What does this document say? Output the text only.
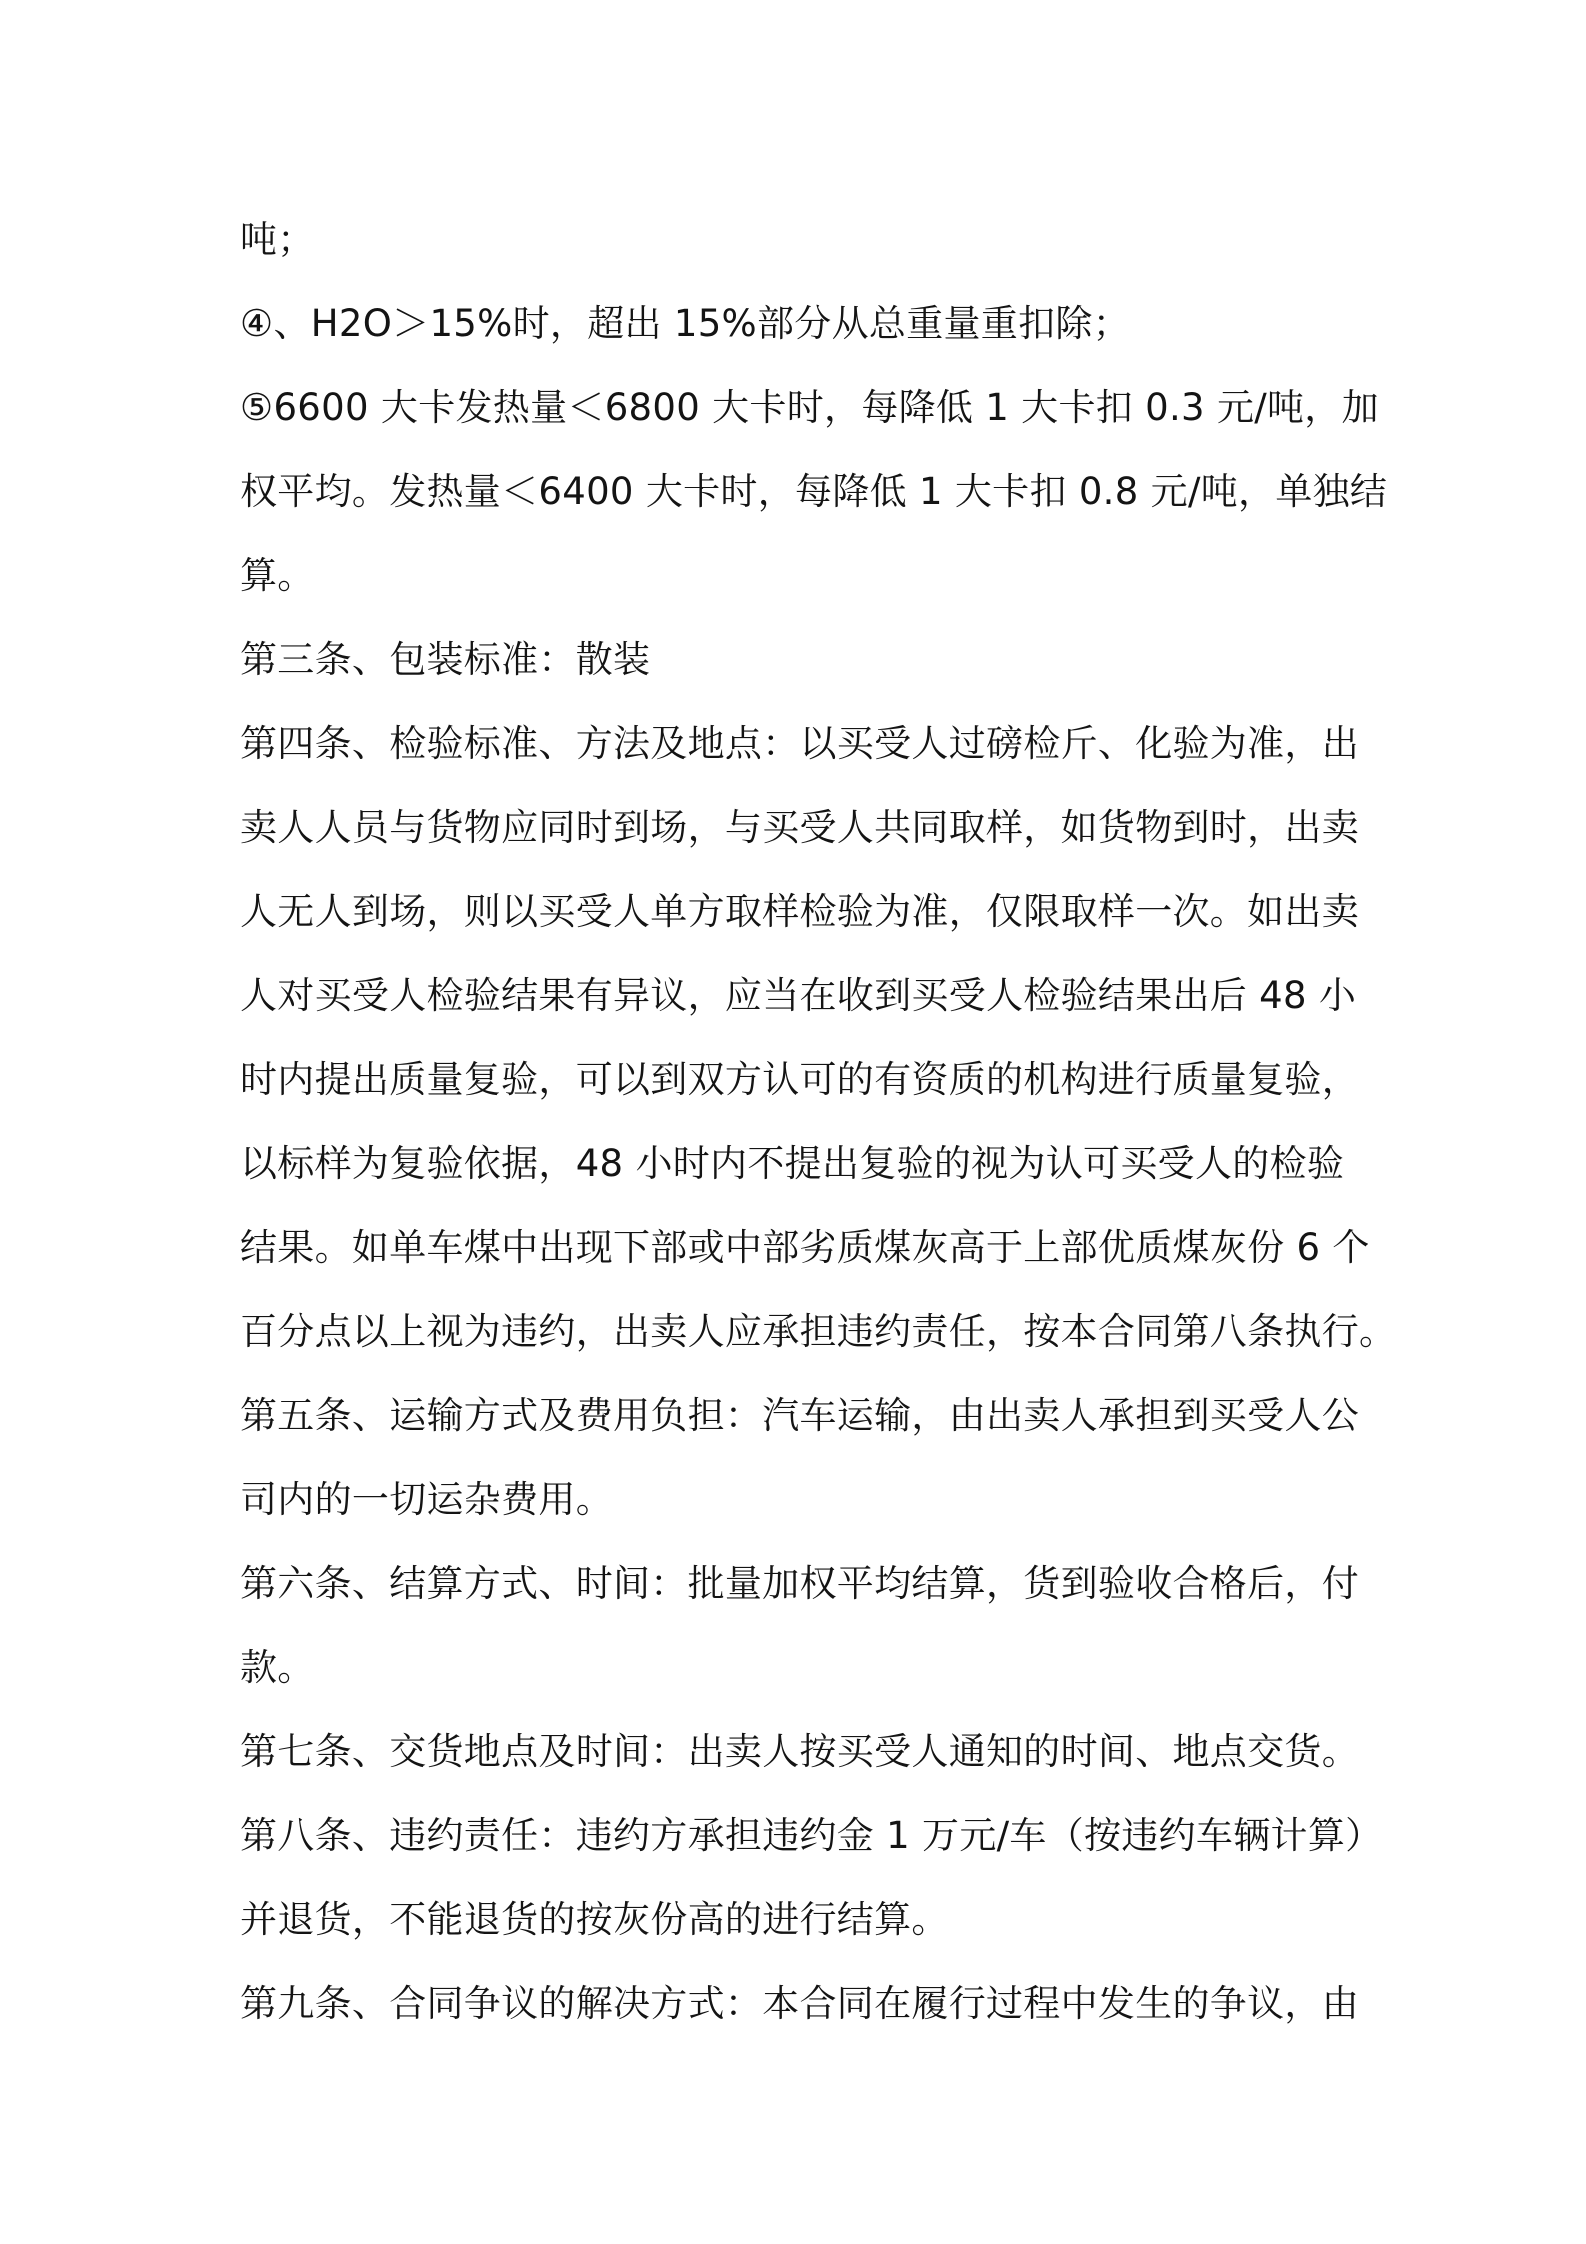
吨；
④、H2O＞15%时，超出 15%部分从总重量重扣除；
⑤6600 大卡发热量＜6800 大卡时，每降低 1 大卡扣 0.3 元/吨，加
权平均。发热量＜6400 大卡时，每降低 1 大卡扣 0.8 元/吨，单独结
算。
第三条、包装标准：散装
第四条、检验标准、方法及地点：以买受人过磅检斤、化验为准，出
卖人人员与货物应同时到场，与买受人共同取样，如货物到时，出卖
人无人到场，则以买受人单方取样检验为准，仅限取样一次。如出卖
人对买受人检验结果有异议，应当在收到买受人检验结果出后 48 小
时内提出质量复验，可以到双方认可的有资质的机构进行质量复验，
以标样为复验依据，48 小时内不提出复验的视为认可买受人的检验
结果。如单车煤中出现下部或中部劣质煤灰高于上部优质煤灰份 6 个
百分点以上视为违约，出卖人应承担违约责任，按本合同第八条执行。
第五条、运输方式及费用负担：汽车运输，由出卖人承担到买受人公
司内的一切运杂费用。
第六条、结算方式、时间：批量加权平均结算，货到验收合格后，付
款。
第七条、交货地点及时间：出卖人按买受人通知的时间、地点交货。
第八条、违约责任：违约方承担违约金 1 万元/车（按违约车辆计算）
并退货，不能退货的按灰份高的进行结算。
第九条、合同争议的解决方式：本合同在履行过程中发生的争议，由
